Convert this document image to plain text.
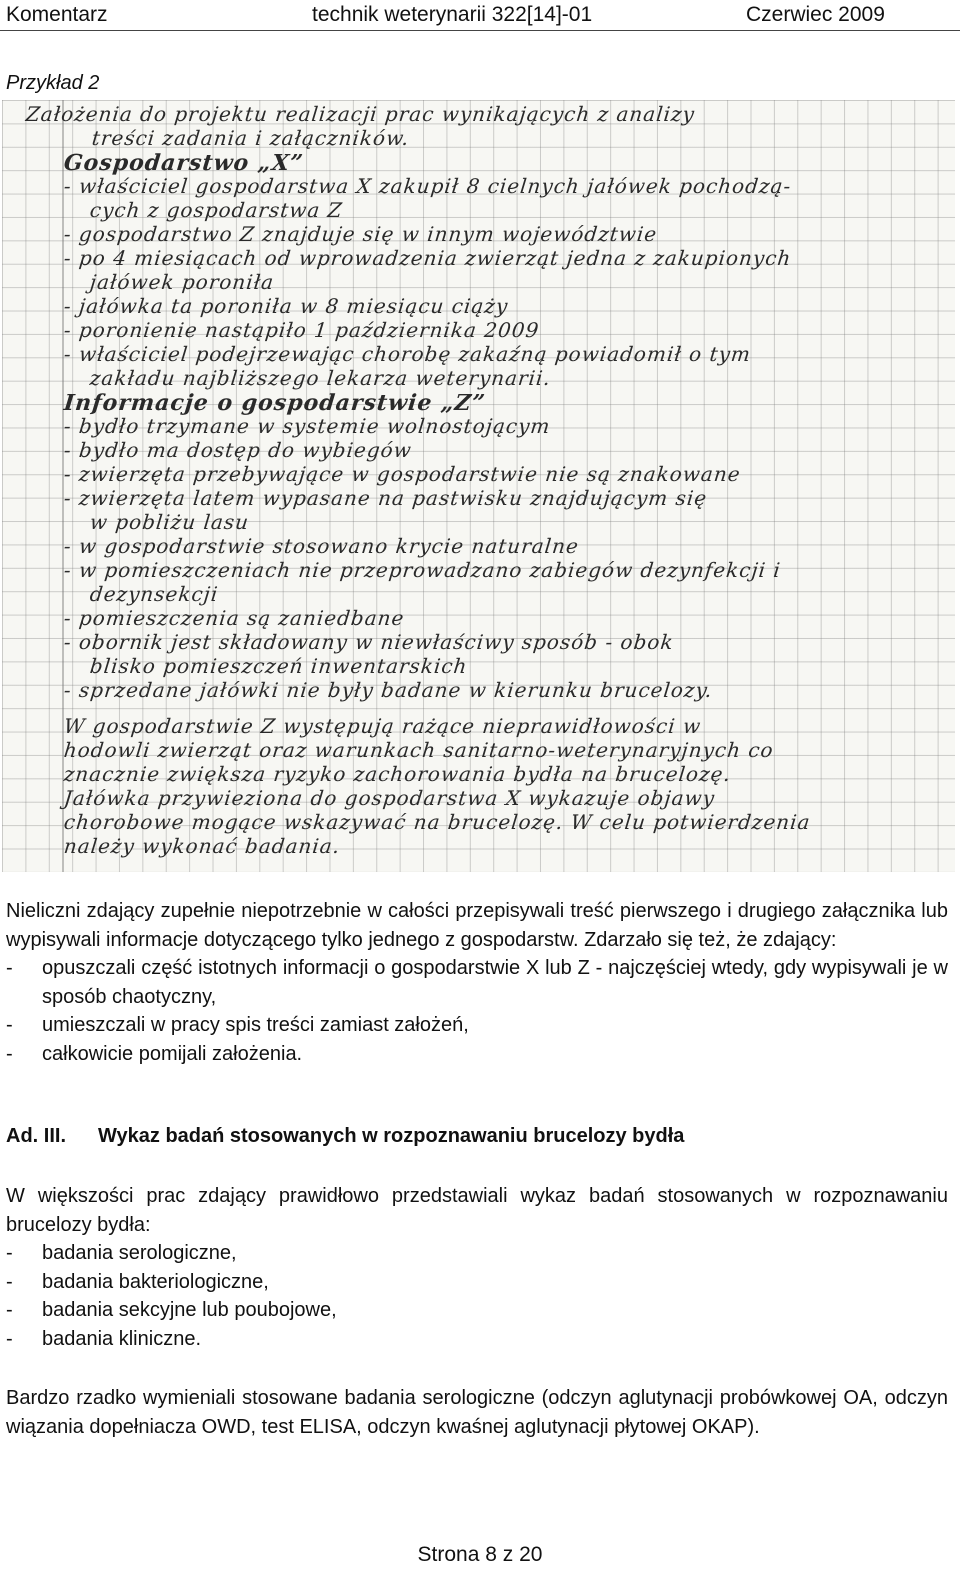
Komentarz	technik weterynarii 322[14]-01	Czerwiec 2009
Przykład 2
Założenia do projektu realizacji prac wynikających z analizy
treści zadania i załączników.
Gospodarstwo „X”
- właściciel gospodarstwa X zakupił 8 cielnych jałówek pochodzą-
cych z gospodarstwa Z
- gospodarstwo Z znajduje się w innym województwie
- po 4 miesiącach od wprowadzenia zwierząt jedna z zakupionych
jałówek poroniła
- jałówka ta poroniła w 8 miesiącu ciąży
- poronienie nastąpiło 1 października 2009
- właściciel podejrzewając chorobę zakaźną powiadomił o tym
zakładu najbliższego lekarza weterynarii.
Informacje o gospodarstwie „Z”
- bydło trzymane w systemie wolnostojącym
- bydło ma dostęp do wybiegów
- zwierzęta przebywające w gospodarstwie nie są znakowane
- zwierzęta latem wypasane na pastwisku znajdującym się
w pobliżu lasu
- w gospodarstwie stosowano krycie naturalne
- w pomieszczeniach nie przeprowadzano zabiegów dezynfekcji i
dezynsekcji
- pomieszczenia są zaniedbane
- obornik jest składowany w niewłaściwy sposób - obok
blisko pomieszczeń inwentarskich
- sprzedane jałówki nie były badane w kierunku brucelozy.
W gospodarstwie Z występują rażące nieprawidłowości w
hodowli zwierząt oraz warunkach sanitarno-weterynaryjnych co
znacznie zwiększa ryzyko zachorowania bydła na brucelozę.
Jałówka przywieziona do gospodarstwa X wykazuje objawy
chorobowe mogące wskazywać na brucelozę. W celu potwierdzenia
należy wykonać badania.

Nieliczni zdający zupełnie niepotrzebnie w całości przepisywali treść pierwszego i drugiego załącznika lub wypisywali informacje dotyczącego tylko jednego z gospodarstw. Zdarzało się też, że zdający:

- opuszczali część istotnych informacji o gospodarstwie X lub Z - najczęściej wtedy, gdy wypisywali je w sposób chaotyczny,
- umieszczali w pracy spis treści zamiast założeń,
- całkowicie pomijali założenia.
Ad. III. Wykaz badań stosowanych w rozpoznawaniu brucelozy bydła

W większości prac zdający prawidłowo przedstawiali wykaz badań stosowanych w rozpoznawaniu brucelozy bydła:

- badania serologiczne,
- badania bakteriologiczne,
- badania sekcyjne lub poubojowe,
- badania kliniczne.

Bardzo rzadko wymieniali stosowane badania serologiczne (odczyn aglutynacji probówkowej OA, odczyn wiązania dopełniacza OWD, test ELISA, odczyn kwaśnej aglutynacji płytowej OKAP).

Strona 8 z 20
